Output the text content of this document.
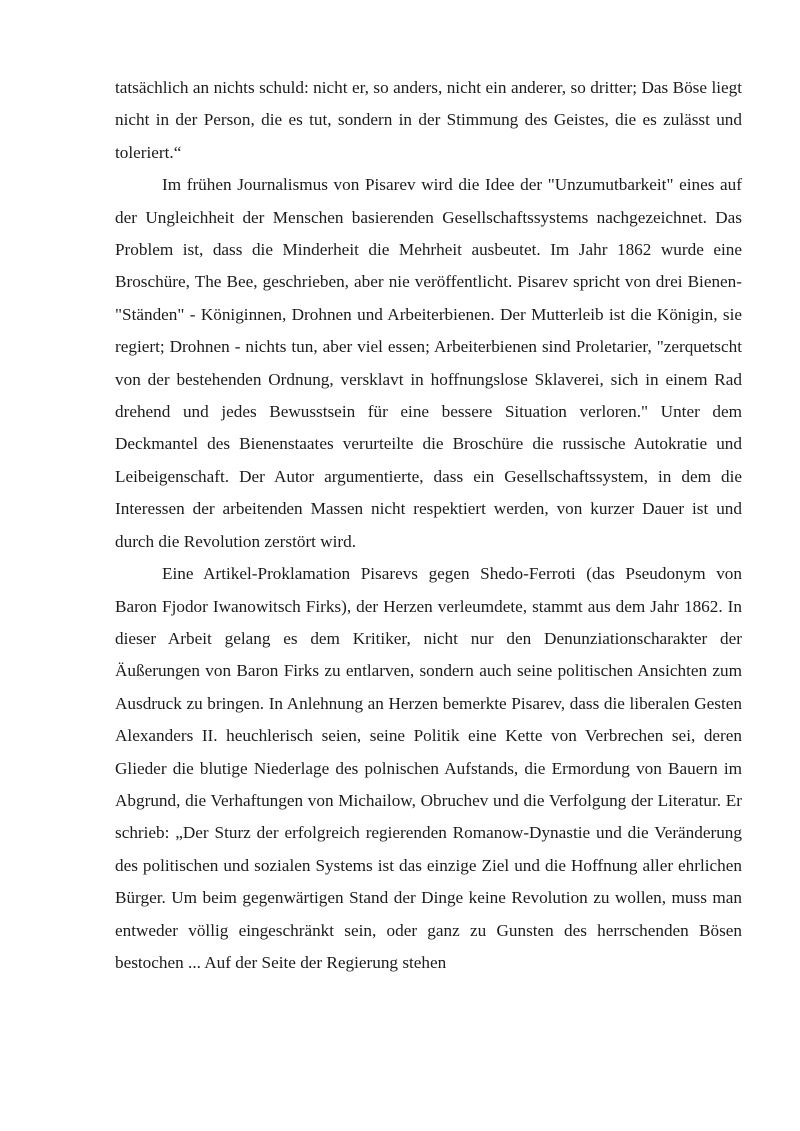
tatsächlich an nichts schuld: nicht er, so anders, nicht ein anderer, so dritter; Das Böse liegt nicht in der Person, die es tut, sondern in der Stimmung des Geistes, die es zulässt und toleriert.“

Im frühen Journalismus von Pisarev wird die Idee der "Unzumutbarkeit" eines auf der Ungleichheit der Menschen basierenden Gesellschaftssystems nachgezeichnet. Das Problem ist, dass die Minderheit die Mehrheit ausbeutet. Im Jahr 1862 wurde eine Broschüre, The Bee, geschrieben, aber nie veröffentlicht. Pisarev spricht von drei Bienen-"Ständen" - Königinnen, Drohnen und Arbeiterbienen. Der Mutterleib ist die Königin, sie regiert; Drohnen - nichts tun, aber viel essen; Arbeiterbienen sind Proletarier, "zerquetscht von der bestehenden Ordnung, versklavt in hoffnungslose Sklaverei, sich in einem Rad drehend und jedes Bewusstsein für eine bessere Situation verloren." Unter dem Deckmantel des Bienenstaates verurteilte die Broschüre die russische Autokratie und Leibeigenschaft. Der Autor argumentierte, dass ein Gesellschaftssystem, in dem die Interessen der arbeitenden Massen nicht respektiert werden, von kurzer Dauer ist und durch die Revolution zerstört wird.

Eine Artikel-Proklamation Pisarevs gegen Shedo-Ferroti (das Pseudonym von Baron Fjodor Iwanowitsch Firks), der Herzen verleumdete, stammt aus dem Jahr 1862. In dieser Arbeit gelang es dem Kritiker, nicht nur den Denunziationscharakter der Äußerungen von Baron Firks zu entlarven, sondern auch seine politischen Ansichten zum Ausdruck zu bringen. In Anlehnung an Herzen bemerkte Pisarev, dass die liberalen Gesten Alexanders II. heuchlerisch seien, seine Politik eine Kette von Verbrechen sei, deren Glieder die blutige Niederlage des polnischen Aufstands, die Ermordung von Bauern im Abgrund, die Verhaftungen von Michailow, Obruchev und die Verfolgung der Literatur. Er schrieb: „Der Sturz der erfolgreich regierenden Romanow-Dynastie und die Veränderung des politischen und sozialen Systems ist das einzige Ziel und die Hoffnung aller ehrlichen Bürger. Um beim gegenwärtigen Stand der Dinge keine Revolution zu wollen, muss man entweder völlig eingeschränkt sein, oder ganz zu Gunsten des herrschenden Bösen bestochen ... Auf der Seite der Regierung stehen
